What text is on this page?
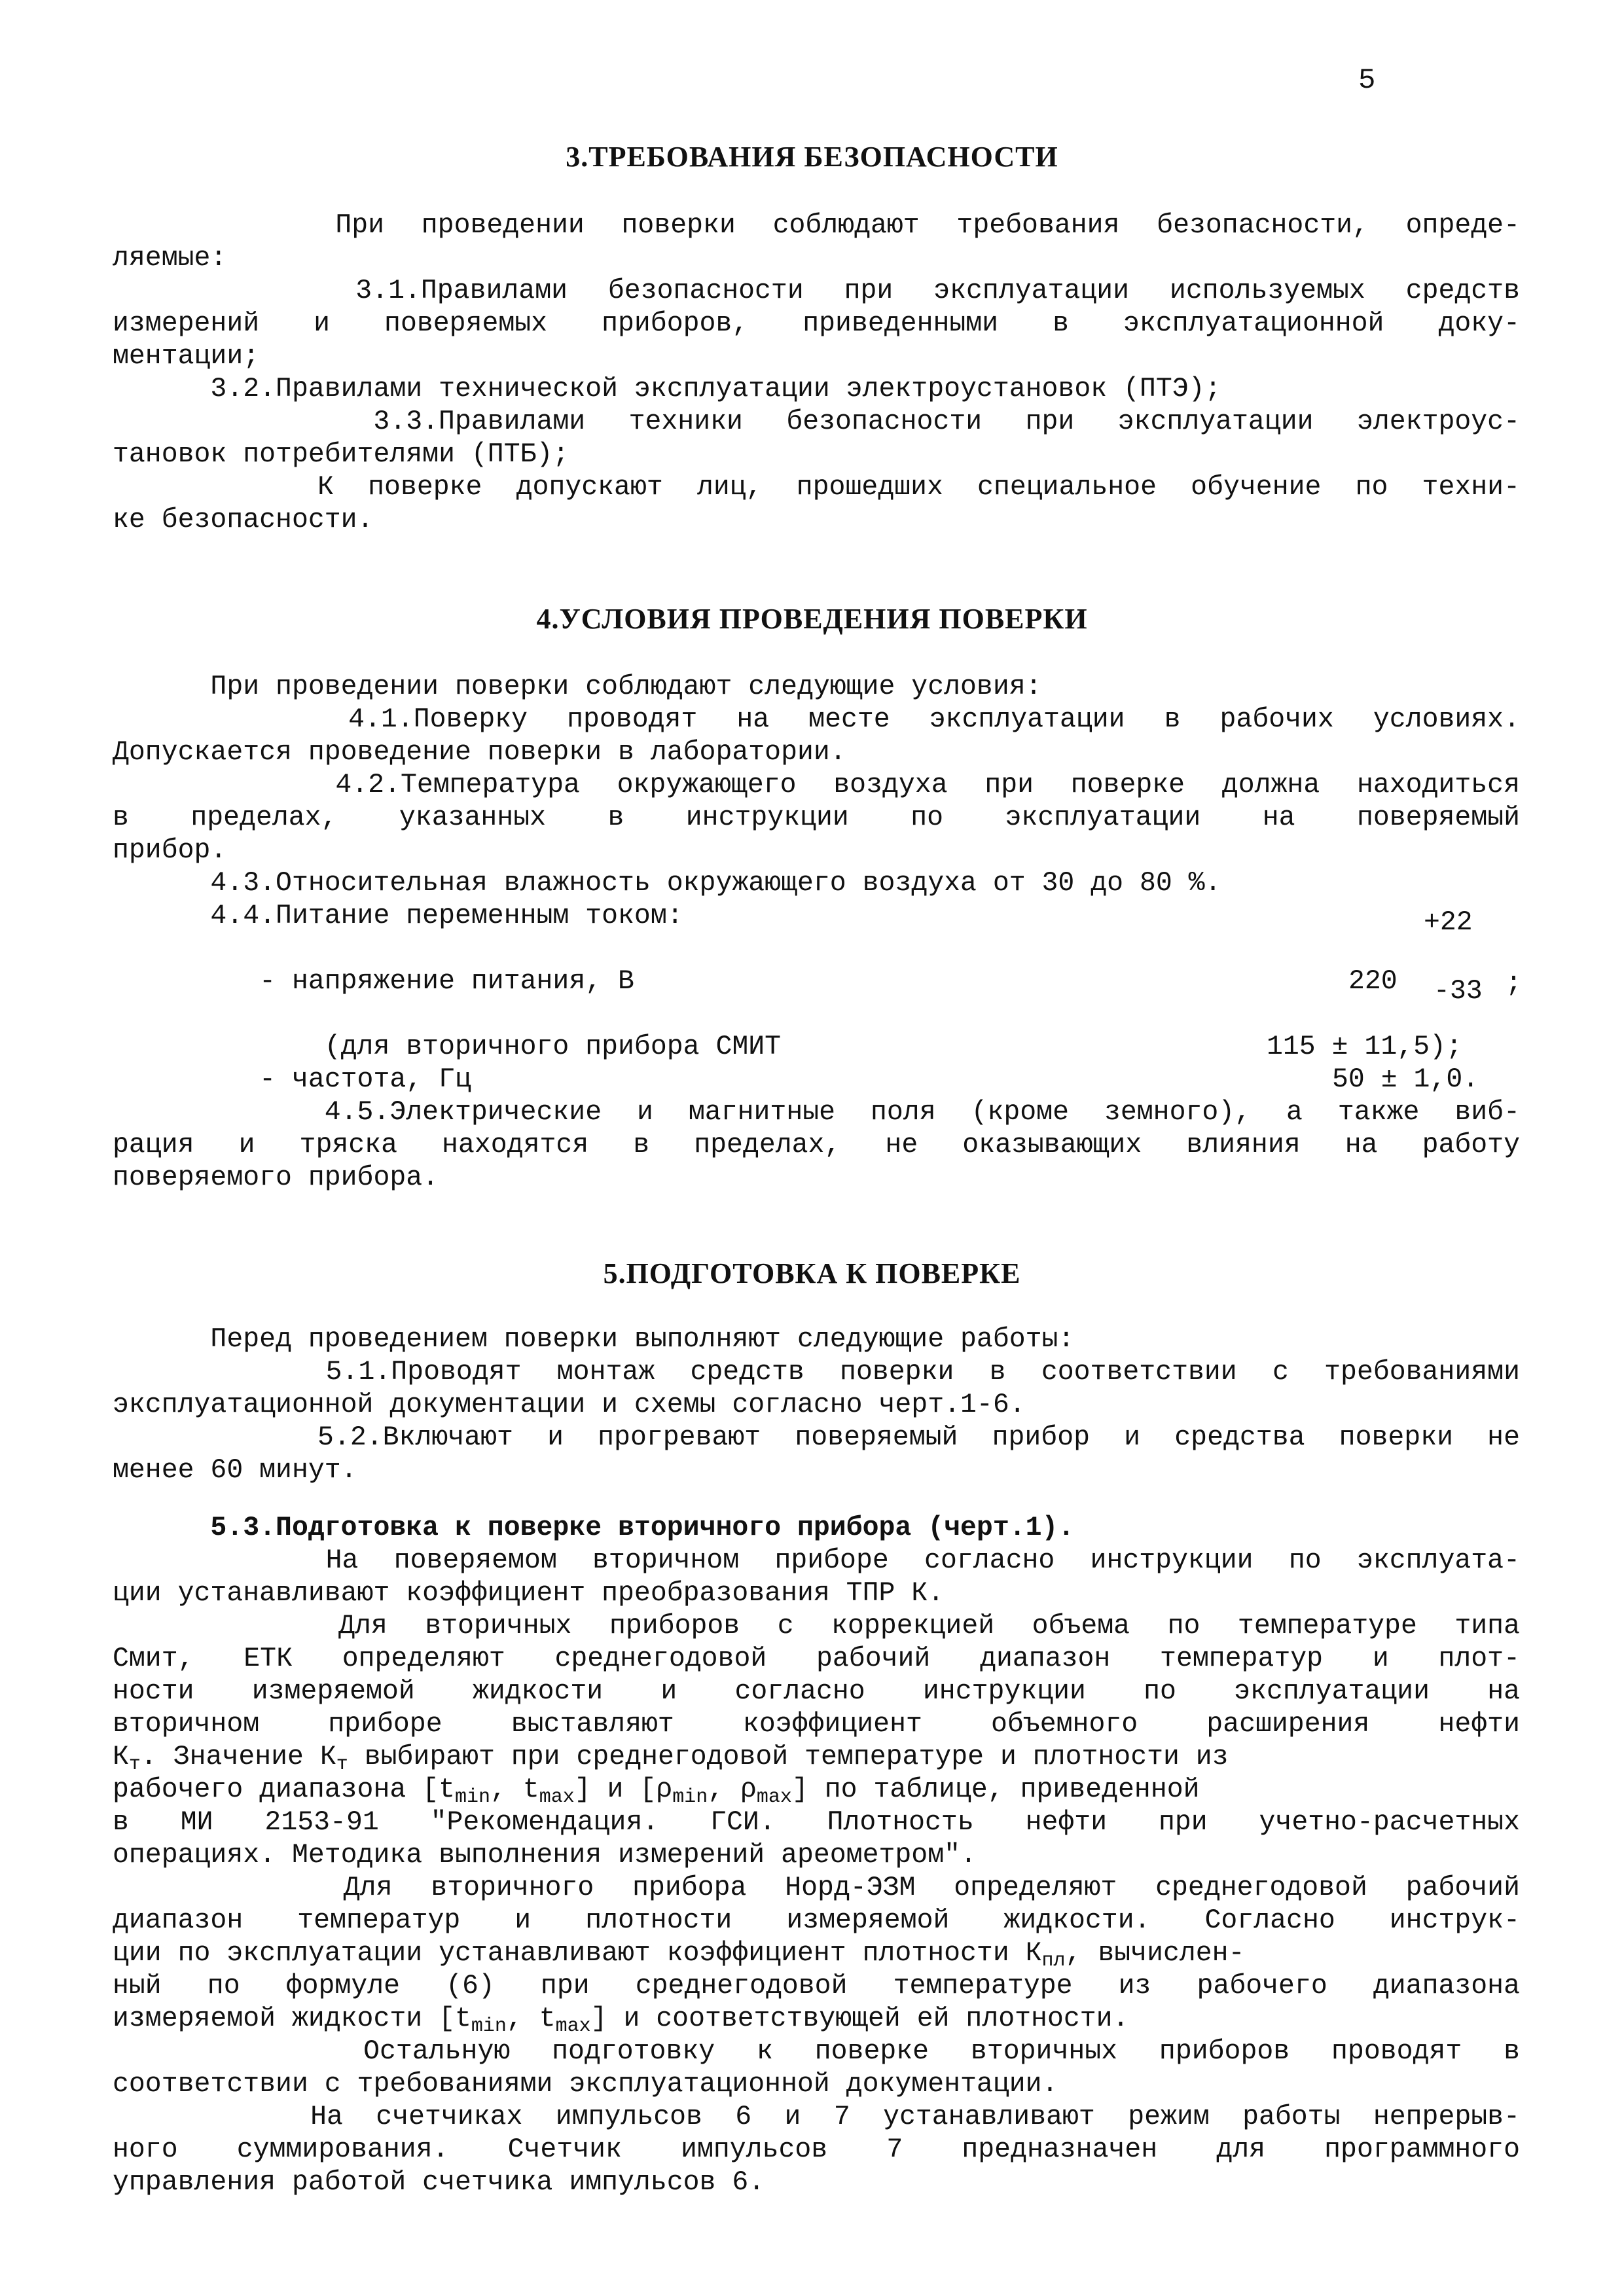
5
3.ТРЕБОВАНИЯ БЕЗОПАСНОСТИ
При проведении поверки соблюдают требования безопасности, опреде-
ляемые:
3.1.Правилами безопасности при эксплуатации используемых средств
измерений и поверяемых приборов, приведенными в эксплуатационной доку-
ментации;
3.2.Правилами технической эксплуатации электроустановок (ПТЭ);
3.3.Правилами техники безопасности при эксплуатации электроус-
тановок потребителями (ПТБ);
К поверке допускают лиц, прошедших специальное обучение по техни-
ке безопасности.
4.УСЛОВИЯ ПРОВЕДЕНИЯ ПОВЕРКИ
При проведении поверки соблюдают следующие условия:
4.1.Поверку проводят на месте эксплуатации в рабочих условиях.
Допускается проведение поверки в лаборатории.
4.2.Температура окружающего воздуха при поверке должна находиться
в пределах, указанных в инструкции по эксплуатации на поверяемый
прибор.
4.3.Относительная влажность окружающего воздуха от 30 до 80 %.
4.4.Питание переменным током:	+22
- напряжение питания, В	220 -33 ;
(для вторичного прибора СМИТ	115 ± 11,5);
- частота, Гц	50 ± 1,0.
4.5.Электрические и магнитные поля (кроме земного), а также виб-
рация и тряска находятся в пределах, не оказывающих влияния на работу
поверяемого прибора.
5.ПОДГОТОВКА К ПОВЕРКЕ
Перед проведением поверки выполняют следующие работы:
5.1.Проводят монтаж средств поверки в соответствии с требованиями
эксплуатационной документации и схемы согласно черт.1-6.
5.2.Включают и прогревают поверяемый прибор и средства поверки не
менее 60 минут.
5.3.Подготовка к поверке вторичного прибора (черт.1).
На поверяемом вторичном приборе согласно инструкции по эксплуата-
ции устанавливают коэффициент преобразования ТПР К.
Для вторичных приборов с коррекцией объема по температуре типа
Смит, ЕТК определяют среднегодовой рабочий диапазон температур и плот-
ности измеряемой жидкости и согласно инструкции по эксплуатации на
вторичном приборе выставляют коэффициент объемного расширения нефти
$К_т$. Значение $К_т$ выбирают при среднегодовой температуре и плотности из
рабочего диапазона [$t_{min}$, $t_{max}$] и [$\rho_{min}$, $\rho_{max}$] по таблице, приведенной
в МИ 2153-91 "Рекомендация. ГСИ. Плотность нефти при учетно-расчетных
операциях. Методика выполнения измерений ареометром".
Для вторичного прибора Норд-ЭЗМ определяют среднегодовой рабочий
диапазон температур и плотности измеряемой жидкости. Согласно инструк-
ции по эксплуатации устанавливают коэффициент плотности $К_{пл}$, вычислен-
ный по формуле (6) при среднегодовой температуре из рабочего диапазона
измеряемой жидкости [$t_{min}$, $t_{max}$] и соответствующей ей плотности.
Остальную подготовку к поверке вторичных приборов проводят в
соответствии с требованиями эксплуатационной документации.
На счетчиках импульсов 6 и 7 устанавливают режим работы непрерыв-
ного суммирования. Счетчик импульсов 7 предназначен для программного
управления работой счетчика импульсов 6.
